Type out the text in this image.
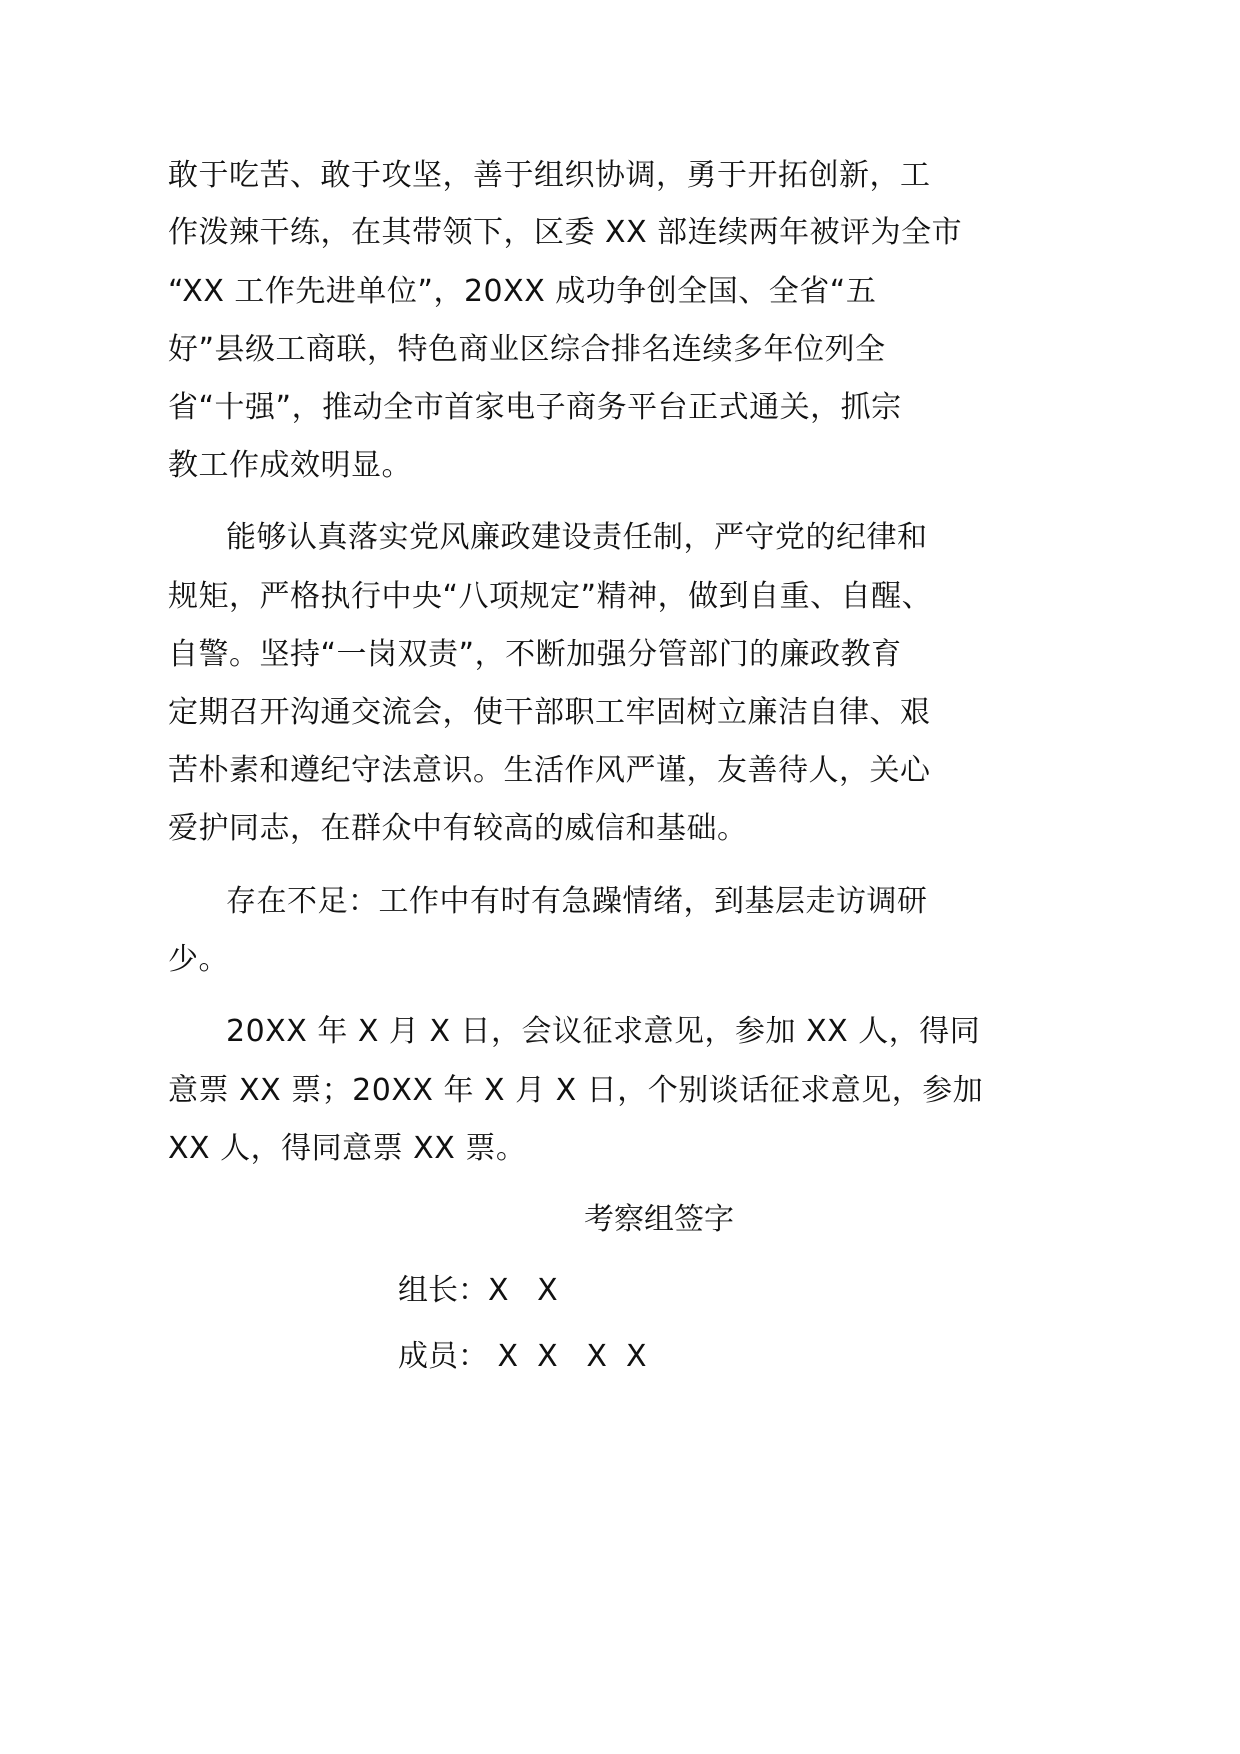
敢于吃苦、敢于攻坚，善于组织协调，勇于开拓创新，工
作泼辣干练，在其带领下，区委 XX 部连续两年被评为全市
“XX 工作先进单位”，20XX 成功争创全国、全省“五
好”县级工商联，特色商业区综合排名连续多年位列全
省“十强”，推动全市首家电子商务平台正式通关，抓宗
教工作成效明显。
能够认真落实党风廉政建设责任制，严守党的纪律和
规矩，严格执行中央“八项规定”精神，做到自重、自醒、
自警。坚持“一岗双责”，不断加强分管部门的廉政教育
定期召开沟通交流会，使干部职工牢固树立廉洁自律、艰
苦朴素和遵纪守法意识。生活作风严谨，友善待人，关心
爱护同志，在群众中有较高的威信和基础。
存在不足：工作中有时有急躁情绪，到基层走访调研
少。
20XX 年 X 月 X 日，会议征求意见，参加 XX 人，得同
意票 XX 票；20XX 年 X 月 X 日，个别谈话征求意见，参加
XX 人，得同意票 XX 票。
考察组签字
组长：X   X
成员： X  X   X  X
